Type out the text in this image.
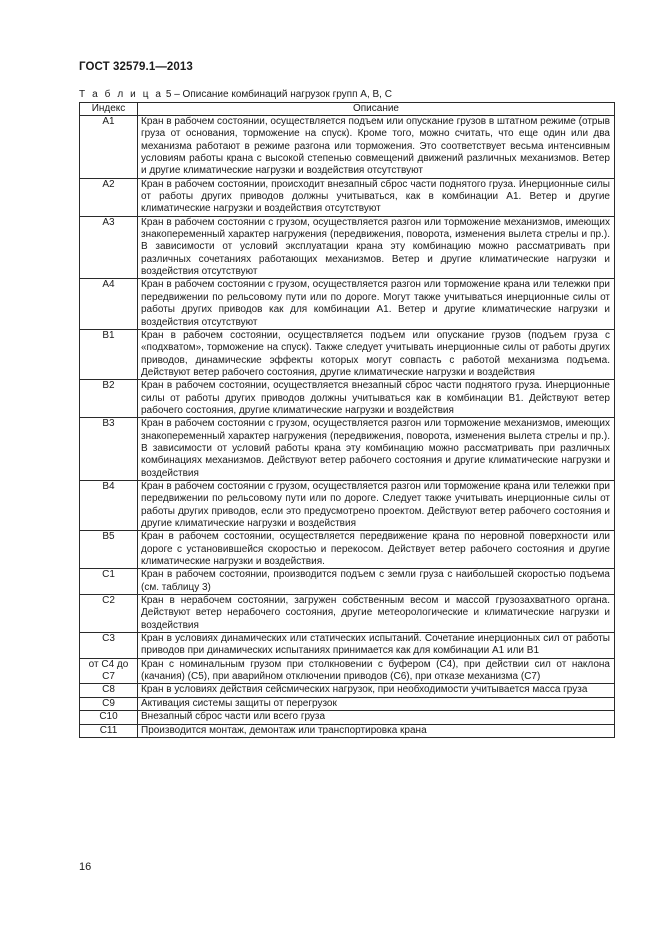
ГОСТ 32579.1—2013
Т а б л и ц а 5 – Описание комбинаций нагрузок групп А, В, С
Индекс	Описание
А1	Кран в рабочем состоянии, осуществляется подъем или опускание грузов в штатном режиме (отрыв груза от основания, торможение на спуск). Кроме того, можно считать, что еще один или два механизма работают в режиме разгона или торможения. Это соответствует весьма интенсивным условиям работы крана с высокой степенью совмещений движений различных механизмов. Ветер и другие климатические нагрузки и воздействия отсутствуют
А2	Кран в рабочем состоянии, происходит внезапный сброс части поднятого груза. Инерционные силы от работы других приводов должны учитываться, как в комбинации А1. Ветер и другие климатические нагрузки и воздействия отсутствуют
А3	Кран в рабочем состоянии с грузом, осуществляется разгон или торможение механизмов, имеющих знакопеременный характер нагружения (передвижения, поворота, изменения вылета стрелы и пр.). В зависимости от условий эксплуатации крана эту комбинацию можно рассматривать при различных сочетаниях работающих механизмов. Ветер и другие климатические нагрузки и воздействия отсутствуют
А4	Кран в рабочем состоянии с грузом, осуществляется разгон или торможение крана или тележки при передвижении по рельсовому пути или по дороге. Могут также учитываться инерционные силы от работы других приводов как для комбинации А1. Ветер и другие климатические нагрузки и воздействия отсутствуют
В1	Кран в рабочем состоянии, осуществляется подъем или опускание грузов (подъем груза с «подхватом», торможение на спуск). Также следует учитывать инерционные силы от работы других приводов, динамические эффекты которых могут совпасть с работой механизма подъема. Действуют ветер рабочего состояния, другие климатические нагрузки и воздействия
В2	Кран в рабочем состоянии, осуществляется внезапный сброс части поднятого груза. Инерционные силы от работы других приводов должны учитываться как в комбинации В1. Действуют ветер рабочего состояния, другие климатические нагрузки и воздействия
В3	Кран в рабочем состоянии с грузом, осуществляется разгон или торможение механизмов, имеющих знакопеременный характер нагружения (передвижения, поворота, изменения вылета стрелы и пр.). В зависимости от условий работы крана эту комбинацию можно рассматривать при различных комбинациях механизмов. Действуют ветер рабочего состояния и другие климатические нагрузки и воздействия
В4	Кран в рабочем состоянии с грузом, осуществляется разгон или торможение крана или тележки при передвижении по рельсовому пути или по дороге. Следует также учитывать инерционные силы от работы других приводов, если это предусмотрено проектом. Действуют ветер рабочего состояния и другие климатические нагрузки и воздействия
В5	Кран в рабочем состоянии, осуществляется передвижение крана по неровной поверхности или дороге с установившейся скоростью и перекосом. Действует ветер рабочего состояния и другие климатические нагрузки и воздействия.
С1	Кран в рабочем состоянии, производится подъем с земли груза с наибольшей скоростью подъема (см. таблицу 3)
С2	Кран в нерабочем состоянии, загружен собственным весом и массой грузозахватного органа. Действуют ветер нерабочего состояния, другие метеорологические и климатические нагрузки и воздействия
С3	Кран в условиях динамических или статических испытаний. Сочетание инерционных сил от работы приводов при динамических испытаниях принимается как для комбинации А1 или В1
от С4 до С7	Кран с номинальным грузом при столкновении с буфером (С4), при действии сил от наклона (качания) (С5), при аварийном отключении приводов (С6), при отказе механизма (С7)
С8	Кран в условиях действия сейсмических нагрузок, при необходимости учитывается масса груза
С9	Активация системы защиты от перегрузок
С10	Внезапный сброс части или всего груза
С11	Производится монтаж, демонтаж или транспортировка крана
16
